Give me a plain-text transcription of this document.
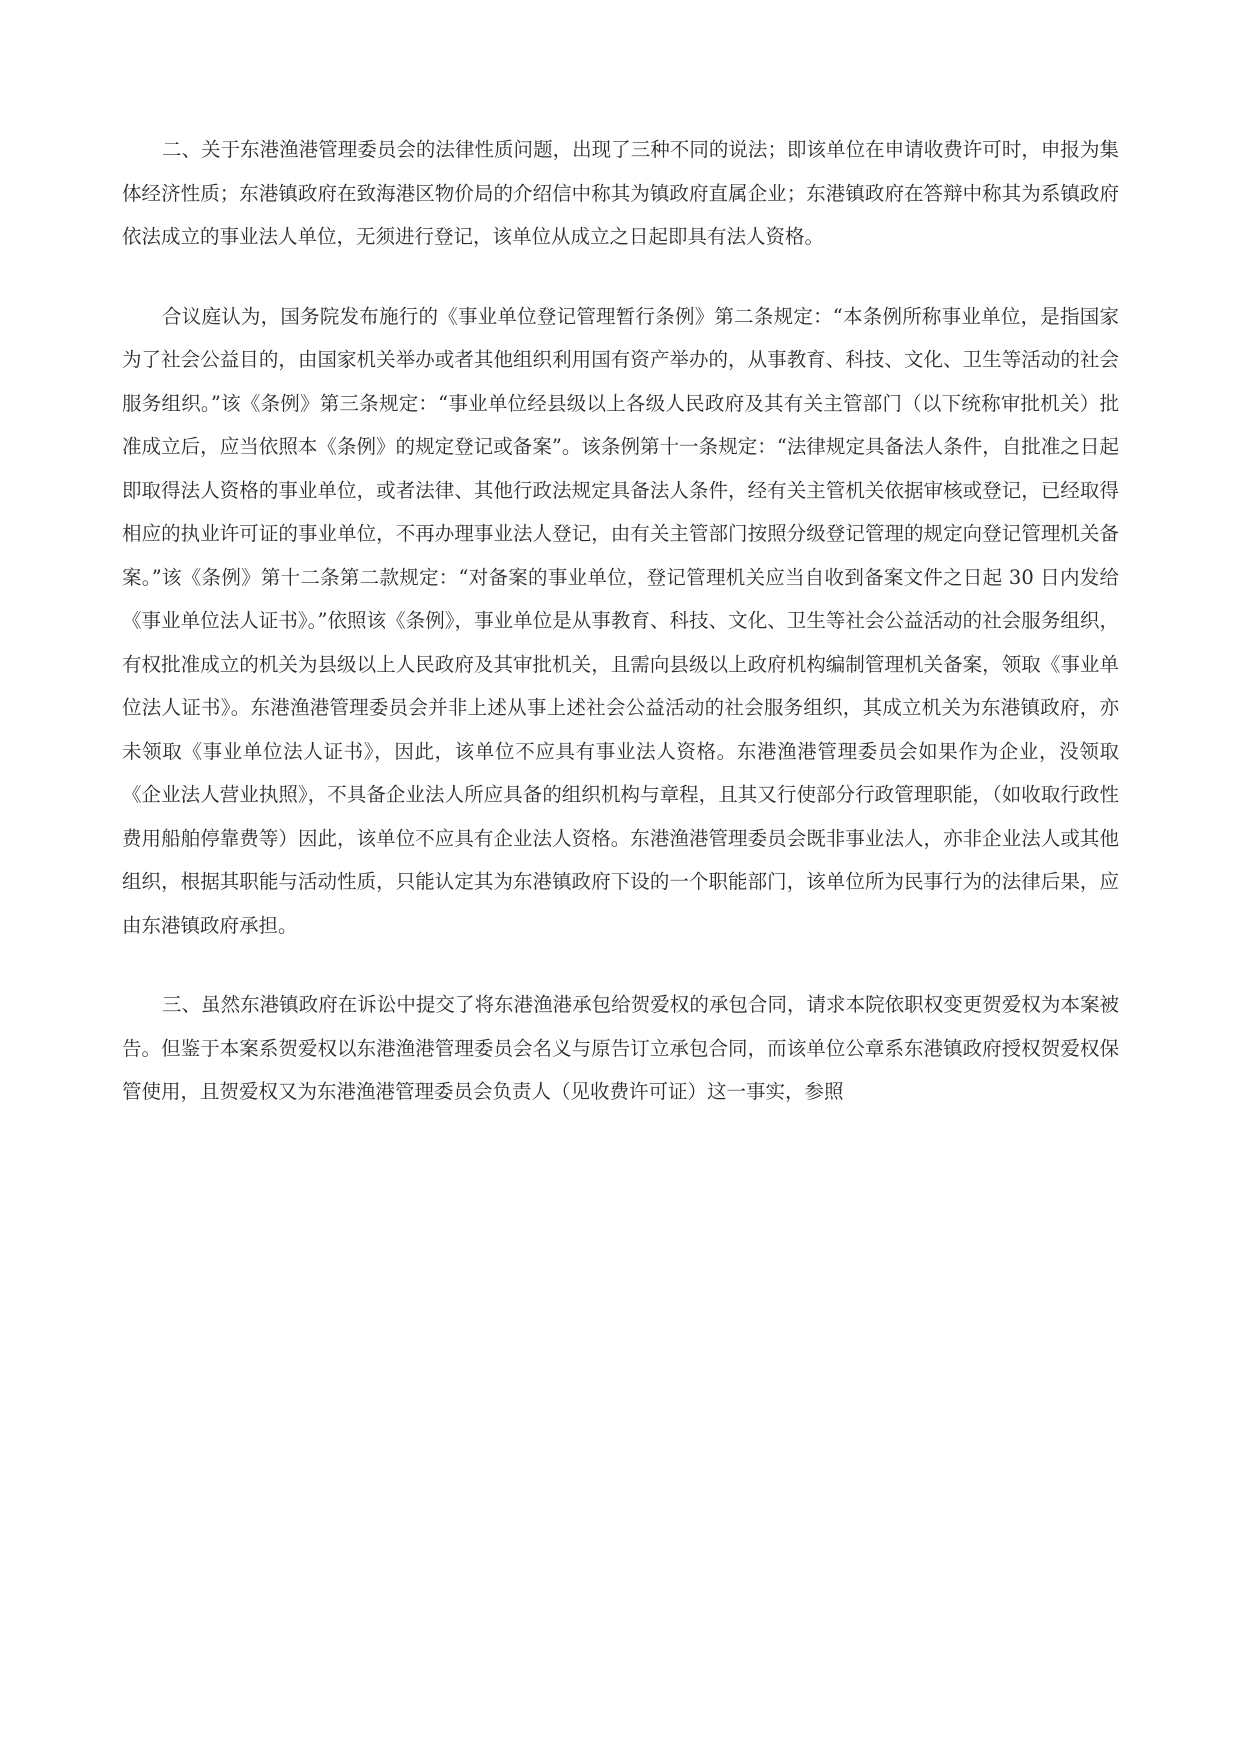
二、关于东港渔港管理委员会的法律性质问题，出现了三种不同的说法；即该单位在申请收费许可时，申报为集体经济性质；东港镇政府在致海港区物价局的介绍信中称其为镇政府直属企业；东港镇政府在答辩中称其为系镇政府依法成立的事业法人单位，无须进行登记，该单位从成立之日起即具有法人资格。

合议庭认为，国务院发布施行的《事业单位登记管理暂行条例》第二条规定：“本条例所称事业单位，是指国家为了社会公益目的，由国家机关举办或者其他组织利用国有资产举办的，从事教育、科技、文化、卫生等活动的社会服务组织。”该《条例》第三条规定：“事业单位经县级以上各级人民政府及其有关主管部门（以下统称审批机关）批准成立后，应当依照本《条例》的规定登记或备案”。该条例第十一条规定：“法律规定具备法人条件，自批准之日起即取得法人资格的事业单位，或者法律、其他行政法规定具备法人条件，经有关主管机关依据审核或登记，已经取得相应的执业许可证的事业单位，不再办理事业法人登记，由有关主管部门按照分级登记管理的规定向登记管理机关备案。”该《条例》第十二条第二款规定：“对备案的事业单位，登记管理机关应当自收到备案文件之日起 30 日内发给《事业单位法人证书》。”依照该《条例》，事业单位是从事教育、科技、文化、卫生等社会公益活动的社会服务组织，有权批准成立的机关为县级以上人民政府及其审批机关，且需向县级以上政府机构编制管理机关备案，领取《事业单位法人证书》。东港渔港管理委员会并非上述从事上述社会公益活动的社会服务组织，其成立机关为东港镇政府，亦未领取《事业单位法人证书》，因此，该单位不应具有事业法人资格。东港渔港管理委员会如果作为企业，没领取《企业法人营业执照》，不具备企业法人所应具备的组织机构与章程，且其又行使部分行政管理职能，（如收取行政性费用船舶停靠费等）因此，该单位不应具有企业法人资格。东港渔港管理委员会既非事业法人，亦非企业法人或其他组织，根据其职能与活动性质，只能认定其为东港镇政府下设的一个职能部门，该单位所为民事行为的法律后果，应由东港镇政府承担。

三、虽然东港镇政府在诉讼中提交了将东港渔港承包给贺爱权的承包合同，请求本院依职权变更贺爱权为本案被告。但鉴于本案系贺爱权以东港渔港管理委员会名义与原告订立承包合同，而该单位公章系东港镇政府授权贺爱权保管使用，且贺爱权又为东港渔港管理委员会负责人（见收费许可证）这一事实，参照
